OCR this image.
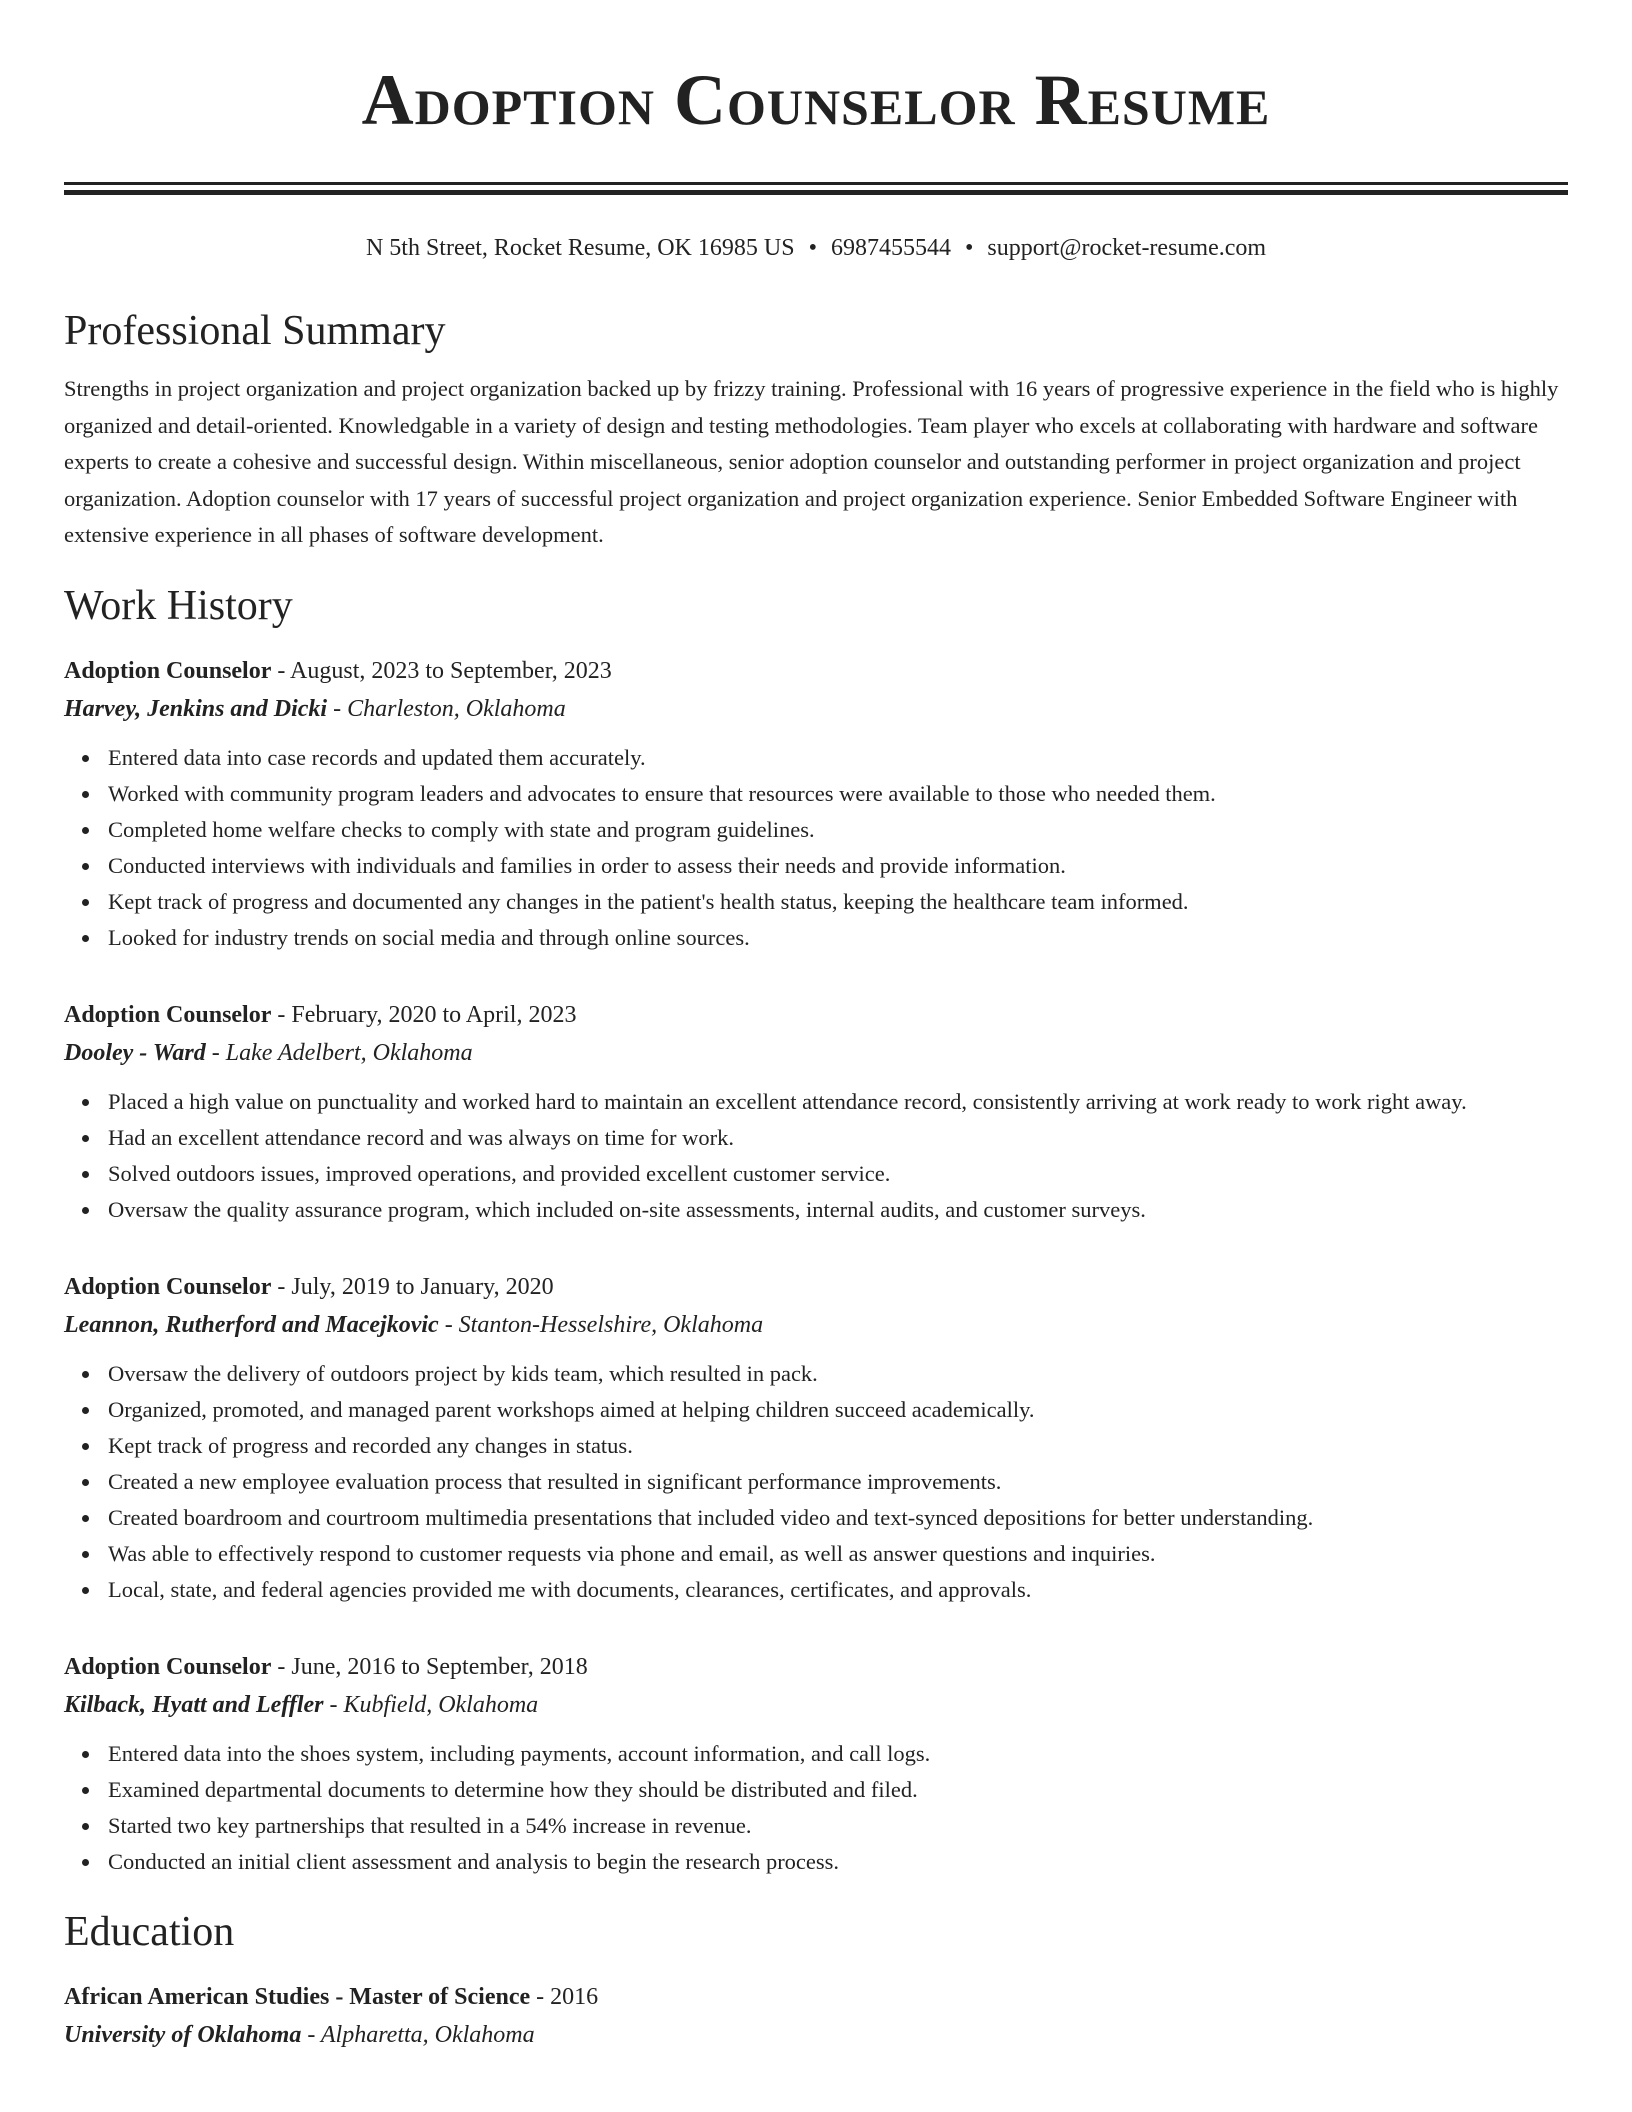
Adoption Counselor Resume
N 5th Street, Rocket Resume, OK 16985 US • 6987455544 • support@rocket-resume.com
Professional Summary

Strengths in project organization and project organization backed up by frizzy training. Professional with 16 years of progressive experience in the field who is highly organized and detail-oriented. Knowledgable in a variety of design and testing methodologies. Team player who excels at collaborating with hardware and software experts to create a cohesive and successful design. Within miscellaneous, senior adoption counselor and outstanding performer in project organization and project organization. Adoption counselor with 17 years of successful project organization and project organization experience. Senior Embedded Software Engineer with extensive experience in all phases of software development.

Work History
Adoption Counselor - August, 2023 to September, 2023
Harvey, Jenkins and Dicki - Charleston, Oklahoma
Entered data into case records and updated them accurately.
Worked with community program leaders and advocates to ensure that resources were available to those who needed them.
Completed home welfare checks to comply with state and program guidelines.
Conducted interviews with individuals and families in order to assess their needs and provide information.
Kept track of progress and documented any changes in the patient's health status, keeping the healthcare team informed.
Looked for industry trends on social media and through online sources.
Adoption Counselor - February, 2020 to April, 2023
Dooley - Ward - Lake Adelbert, Oklahoma
Placed a high value on punctuality and worked hard to maintain an excellent attendance record, consistently arriving at work ready to work right away.
Had an excellent attendance record and was always on time for work.
Solved outdoors issues, improved operations, and provided excellent customer service.
Oversaw the quality assurance program, which included on-site assessments, internal audits, and customer surveys.
Adoption Counselor - July, 2019 to January, 2020
Leannon, Rutherford and Macejkovic - Stanton-Hesselshire, Oklahoma
Oversaw the delivery of outdoors project by kids team, which resulted in pack.
Organized, promoted, and managed parent workshops aimed at helping children succeed academically.
Kept track of progress and recorded any changes in status.
Created a new employee evaluation process that resulted in significant performance improvements.
Created boardroom and courtroom multimedia presentations that included video and text-synced depositions for better understanding.
Was able to effectively respond to customer requests via phone and email, as well as answer questions and inquiries.
Local, state, and federal agencies provided me with documents, clearances, certificates, and approvals.
Adoption Counselor - June, 2016 to September, 2018
Kilback, Hyatt and Leffler - Kubfield, Oklahoma
Entered data into the shoes system, including payments, account information, and call logs.
Examined departmental documents to determine how they should be distributed and filed.
Started two key partnerships that resulted in a 54% increase in revenue.
Conducted an initial client assessment and analysis to begin the research process.
Education
African American Studies - Master of Science - 2016
University of Oklahoma - Alpharetta, Oklahoma
